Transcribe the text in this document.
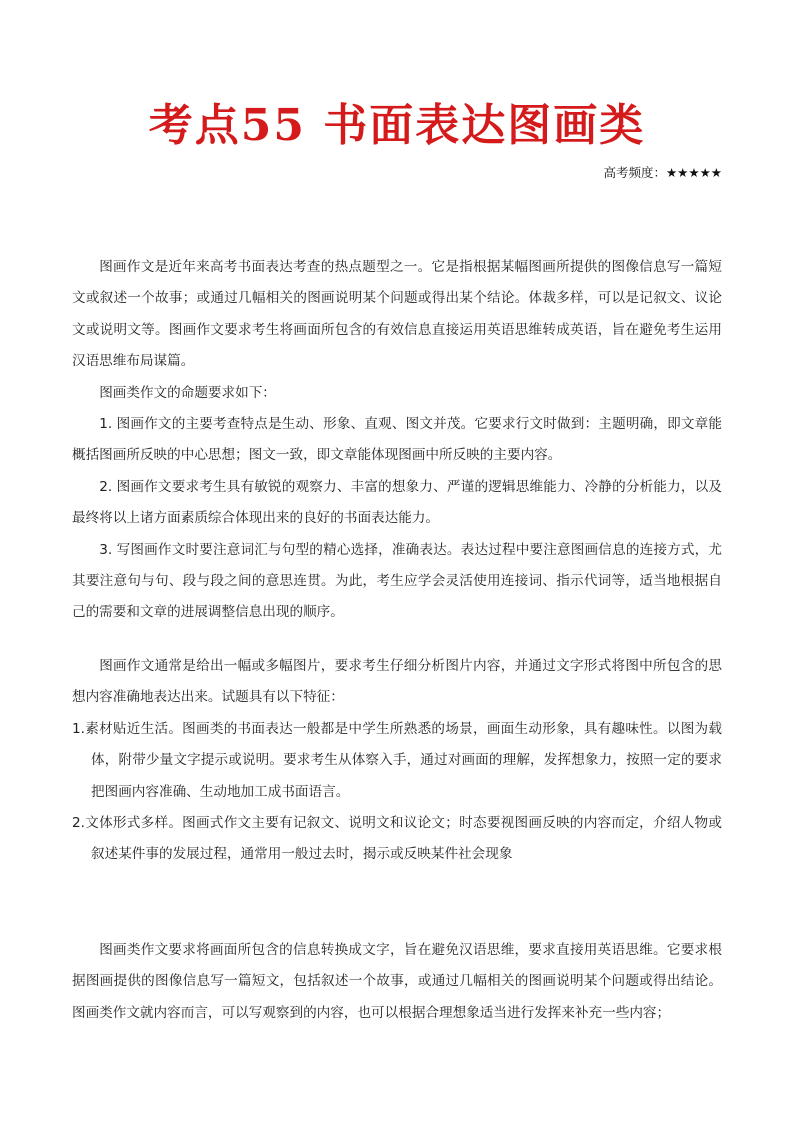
考点55 书面表达图画类
高考频度：★★★★★

图画作文是近年来高考书面表达考查的热点题型之一。它是指根据某幅图画所提供的图像信息写一篇短文或叙述一个故事；或通过几幅相关的图画说明某个问题或得出某个结论。体裁多样，可以是记叙文、议论文或说明文等。图画作文要求考生将画面所包含的有效信息直接运用英语思维转成英语，旨在避免考生运用汉语思维布局谋篇。

图画类作文的命题要求如下：

1. 图画作文的主要考查特点是生动、形象、直观、图文并茂。它要求行文时做到：主题明确，即文章能概括图画所反映的中心思想；图文一致，即文章能体现图画中所反映的主要内容。

2. 图画作文要求考生具有敏锐的观察力、丰富的想象力、严谨的逻辑思维能力、冷静的分析能力，以及最终将以上诸方面素质综合体现出来的良好的书面表达能力。

3. 写图画作文时要注意词汇与句型的精心选择，准确表达。表达过程中要注意图画信息的连接方式，尤其要注意句与句、段与段之间的意思连贯。为此，考生应学会灵活使用连接词、指示代词等，适当地根据自己的需要和文章的进展调整信息出现的顺序。

图画作文通常是给出一幅或多幅图片，要求考生仔细分析图片内容，并通过文字形式将图中所包含的思想内容准确地表达出来。试题具有以下特征：

1.素材贴近生活。图画类的书面表达一般都是中学生所熟悉的场景，画面生动形象，具有趣味性。以图为载体，附带少量文字提示或说明。要求考生从体察入手，通过对画面的理解，发挥想象力，按照一定的要求把图画内容准确、生动地加工成书面语言。

2.文体形式多样。图画式作文主要有记叙文、说明文和议论文；时态要视图画反映的内容而定，介绍人物或叙述某件事的发展过程，通常用一般过去时，揭示或反映某件社会现象

图画类作文要求将画面所包含的信息转换成文字，旨在避免汉语思维，要求直接用英语思维。它要求根据图画提供的图像信息写一篇短文，包括叙述一个故事，或通过几幅相关的图画说明某个问题或得出结论。图画类作文就内容而言，可以写观察到的内容，也可以根据合理想象适当进行发挥来补充一些内容；
